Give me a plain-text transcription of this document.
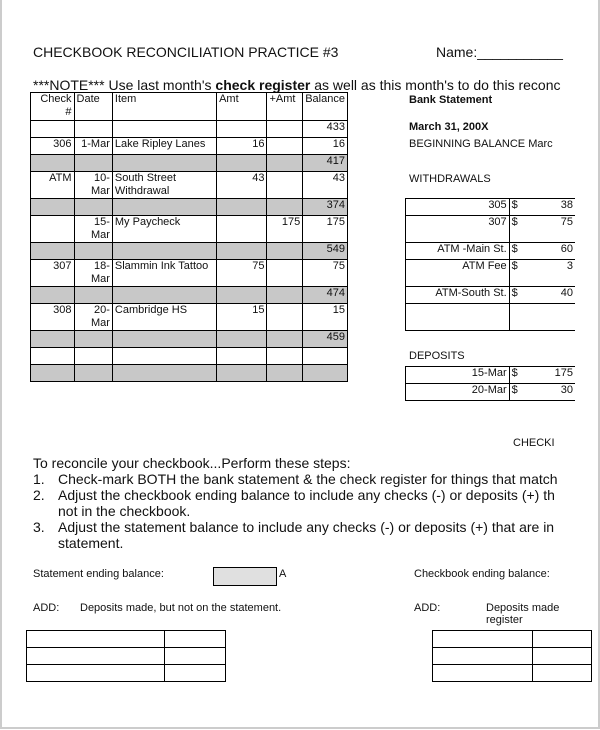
CHECKBOOK RECONCILIATION PRACTICE #3	Name:___________
***NOTE*** Use last month's check register as well as this month's to do this reconc
Check #	Date	Item	Amt	+Amt	Balance
					433
306	1-Mar	Lake Ripley Lanes	16		16
					417
ATM	10-Mar	South Street Withdrawal	43		43
					374
	15-Mar	My Paycheck		175	175
					549
307	18-Mar	Slammin Ink Tattoo	75		75
					474
308	20-Mar	Cambridge HS	15		15
					459

Bank Statement
March 31, 200X
BEGINNING BALANCE Marc
WITHDRAWALS
305	$	38
307	$	75
ATM -Main St.	$	60
ATM Fee	$	3
ATM-South St.	$	40

DEPOSITS
15-Mar	$	175
20-Mar	$	30
CHECKI
To reconcile your checkbook...Perform these steps:
1. Check-mark BOTH the bank statement & the check register for things that match
2. Adjust the checkbook ending balance to include any checks (-) or deposits (+) th
not in the checkbook.
3. Adjust the statement balance to include any checks (-) or deposits (+) that are in
statement.
Statement ending balance:	A	Checkbook ending balance:
ADD: Deposits made, but not on the statement.	ADD:	Deposits made
register
